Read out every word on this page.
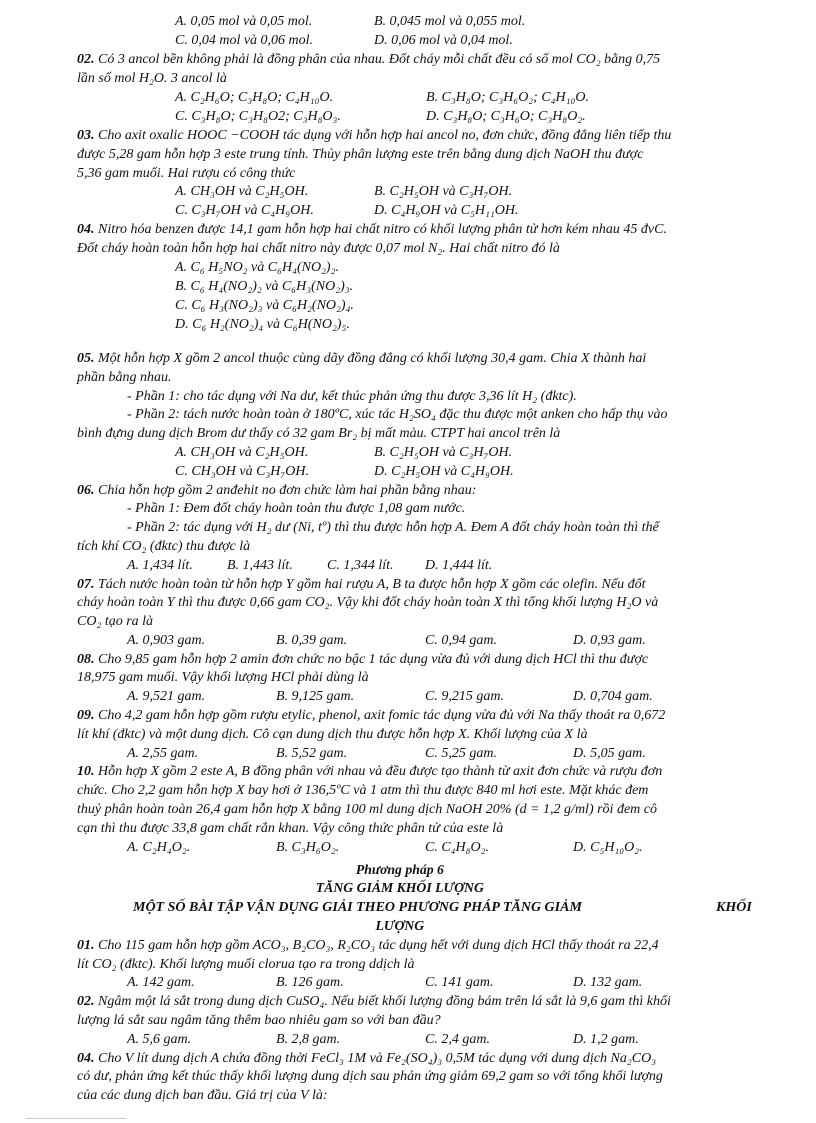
A. 0,05 mol và 0,05 mol.	B. 0,045 mol và 0,055 mol.
C. 0,04 mol và 0,06 mol.	D. 0,06 mol và 0,04 mol.
02. Có 3 ancol bền không phải là đồng phân của nhau. Đốt cháy mỗi chất đều có số mol CO₂ bằng 0,75
lần số mol H₂O. 3 ancol là
A. C₂H₆O; C₃H₈O; C₄H₁₀O.	B. C₃H₈O; C₃H₆O₂; C₄H₁₀O.
C. C₃H₈O; C₃H₈O2; C₃H₈O₃.	D. C₃H₈O; C₃H₆O; C₃H₈O₂.
03. Cho axit oxalic HOOC −COOH tác dụng với hỗn hợp hai ancol no, đơn chức, đồng đẳng liên tiếp thu
được 5,28 gam hỗn hợp 3 este trung tính. Thủy phân lượng este trên bằng dung dịch NaOH thu được
5,36 gam muối. Hai rượu có công thức
A. CH₃OH và C₂H₅OH.	B. C₂H₅OH và C₃H₇OH.
C. C₃H₇OH và C₄H₉OH.	D. C₄H₉OH và C₅H₁₁OH.
04. Nitro hóa benzen được 14,1 gam hỗn hợp hai chất nitro có khối lượng phân tử hơn kém nhau 45 đvC.
Đốt cháy hoàn toàn hỗn hợp hai chất nitro này được 0,07 mol N₂. Hai chất nitro đó là
A. C₆ H₅NO₂ và C₆H₄(NO₂)₂.
B. C₆ H₄(NO₂)₂ và C₆H₃(NO₂)₃.
C. C₆ H₃(NO₂)₃ và C₆H₂(NO₂)₄.
D. C₆ H₂(NO₂)₄ và C₆H(NO₂)₅.
05. Một hỗn hợp X gồm 2 ancol thuộc cùng dãy đồng đẳng có khối lượng 30,4 gam. Chia X thành hai
phần bằng nhau.
- Phần 1: cho tác dụng với Na dư, kết thúc phản ứng thu được 3,36 lít H₂ (đktc).
- Phần 2: tách nước hoàn toàn ở 180ºC, xúc tác H₂SO₄ đặc thu được một anken cho hấp thụ vào
bình đựng dung dịch Brom dư thấy có 32 gam Br₂ bị mất màu. CTPT hai ancol trên là
A. CH₃OH và C₂H₅OH.	B. C₂H₅OH và C₃H₇OH.
C. CH₃OH và C₃H₇OH.	D. C₂H₅OH và C₄H₉OH.
06. Chia hỗn hợp gồm 2 anđehit no đơn chức làm hai phần bằng nhau:
- Phần 1: Đem đốt cháy hoàn toàn thu được 1,08 gam nước.
- Phần 2: tác dụng với H₂ dư (Ni, tº) thì thu được hỗn hợp A. Đem A đốt cháy hoàn toàn thì thể
tích khí CO₂ (đktc) thu được là
A. 1,434 lít. B. 1,443 lít. C. 1,344 lít. D. 1,444 lít.
07. Tách nước hoàn toàn từ hỗn hợp Y gồm hai rượu A, B ta được hỗn hợp X gồm các olefin. Nếu đốt
cháy hoàn toàn Y thì thu được 0,66 gam CO₂. Vậy khi đốt cháy hoàn toàn X thì tổng khối lượng H₂O và
CO₂ tạo ra là
A. 0,903 gam.	B. 0,39 gam.	C. 0,94 gam.	D. 0,93 gam.
08. Cho 9,85 gam hỗn hợp 2 amin đơn chức no bậc 1 tác dụng vừa đủ với dung dịch HCl thì thu được
18,975 gam muối. Vậy khối lượng HCl phải dùng là
A. 9,521 gam.	B. 9,125 gam.	C. 9,215 gam.	D. 0,704 gam.
09. Cho 4,2 gam hỗn hợp gồm rượu etylic, phenol, axit fomic tác dụng vừa đủ với Na thấy thoát ra 0,672
lít khí (đktc) và một dung dịch. Cô cạn dung dịch thu được hỗn hợp X. Khối lượng của X là
A. 2,55 gam.	B. 5,52 gam.	C. 5,25 gam.	D. 5,05 gam.
10. Hỗn hợp X gồm 2 este A, B đồng phân với nhau và đều được tạo thành từ axit đơn chức và rượu đơn
chức. Cho 2,2 gam hỗn hợp X bay hơi ở 136,5ºC và 1 atm thì thu được 840 ml hơi este. Mặt khác đem
thuỷ phân hoàn toàn 26,4 gam hỗn hợp X bằng 100 ml dung dịch NaOH 20% (d = 1,2 g/ml) rồi đem cô
cạn thì thu được 33,8 gam chất rắn khan. Vậy công thức phân tử của este là
A. C₂H₄O₂.	B. C₃H₆O₂.	C. C₄H₈O₂.	D. C₅H₁₀O₂.
Phương pháp 6
TĂNG GIẢM KHỐI LƯỢNG
MỘT SỐ BÀI TẬP VẬN DỤNG GIẢI THEO PHƯƠNG PHÁP TĂNG GIẢM	KHỐI
LƯỢNG
01. Cho 115 gam hỗn hợp gồm ACO₃, B₂CO₃, R₂CO₃ tác dụng hết với dung dịch HCl thấy thoát ra 22,4
lít CO₂ (đktc). Khối lượng muối clorua tạo ra trong ddịch là
A. 142 gam.	B. 126 gam.	C. 141 gam.	D. 132 gam.
02. Ngâm một lá sắt trong dung dịch CuSO₄. Nếu biết khối lượng đồng bám trên lá sắt là 9,6 gam thì khối
lượng lá sắt sau ngâm tăng thêm bao nhiêu gam so với ban đầu?
A. 5,6 gam.	B. 2,8 gam.	C. 2,4 gam.	D. 1,2 gam.
04. Cho V lít dung dịch A chứa đồng thời FeCl₃ 1M và Fe₂(SO₄)₃ 0,5M tác dụng với dung dịch Na₂CO₃
có dư, phản ứng kết thúc thấy khối lượng dung dịch sau phản ứng giảm 69,2 gam so với tổng khối lượng
của các dung dịch ban đầu. Giá trị của V là:
